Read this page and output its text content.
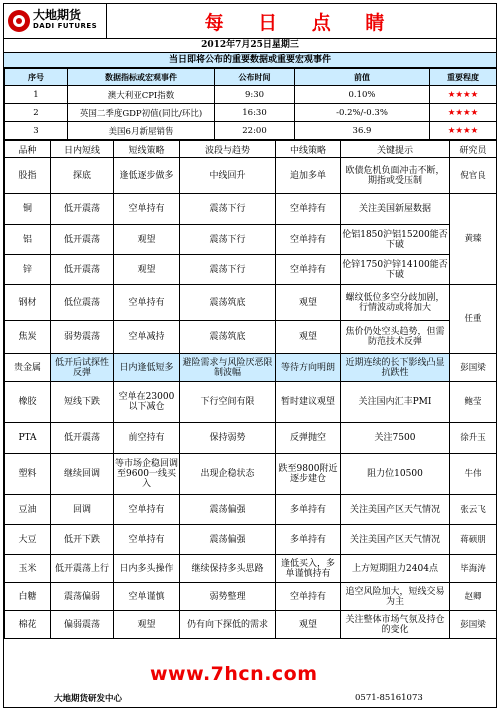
大地期货
DADI FUTURES	每 日 点 睛
2012年7月25日星期三
当日即将公布的重要数据或重要宏观事件
序号	数据指标或宏观事件	公布时间	前值	重要程度
1	澳大利亚CPI指数	9:30	0.10%	★★★★
2	英国二季度GDP初值(同比/环比)	16:30	-0.2%/-0.3%	★★★★
3	美国6月新屋销售	22:00	36.9	★★★★
品种	日内短线	短线策略	波段与趋势	中线策略	关键提示	研究员
股指	探底	逢低逐步做多	中线回升	追加多单	欧债危机负面冲击不断，期指或受压制	倪官良
铜	低开震荡	空单持有	震荡下行	空单持有	关注美国新屋数据	黄臻
铝	低开震荡	观望	震荡下行	空单持有	伦铝1850沪铝15200能否下破	
锌	低开震荡	观望	震荡下行	空单持有	伦锌1750沪锌14100能否下破	
钢材	低位震荡	空单持有	震荡筑底	观望	螺纹低位多空分歧加剧，行情波动或将加大	任重
焦炭	弱势震荡	空单减持	震荡筑底	观望	焦价仍处空头趋势，但需防范技术反弹	
贵金属	低开后试探性反弹	日内逢低短多	避险需求与风险厌恶限制波幅	等待方向明朗	近期连续的长下影线凸显抗跌性	彭国梁
橡胶	短线下跌	空单在23000以下减仓	下行空间有限	暂时建议观望	关注国内汇丰PMI	鲍莹
PTA	低开震荡	前空持有	保持弱势	反弹抛空	关注7500	徐升玉
塑料	继续回调	等市场企稳回调至9600一线买入	出现企稳状态	跌至9800附近逐步建仓	阻力位10500	牛伟
豆油	回调	空单持有	震荡偏强	多单持有	关注美国产区天气情况	张云飞
大豆	低开下跌	空单持有	震荡偏强	多单持有	关注美国产区天气情况	蒋硕朋
玉米	低开震荡上行	日内多头操作	继续保持多头思路	逢低买入，多单谨慎持有	上方短期阻力2404点	毕海涛
白糖	震荡偏弱	空单谨慎	弱势整理	空单持有	追空风险加大，短线交易为主	赵卿
棉花	偏弱震荡	观望	仍有向下探低的需求	观望	关注整体市场气氛及持仓的变化	彭国梁
大地期货研发中心	0571-85161073
www.7hcn.com
